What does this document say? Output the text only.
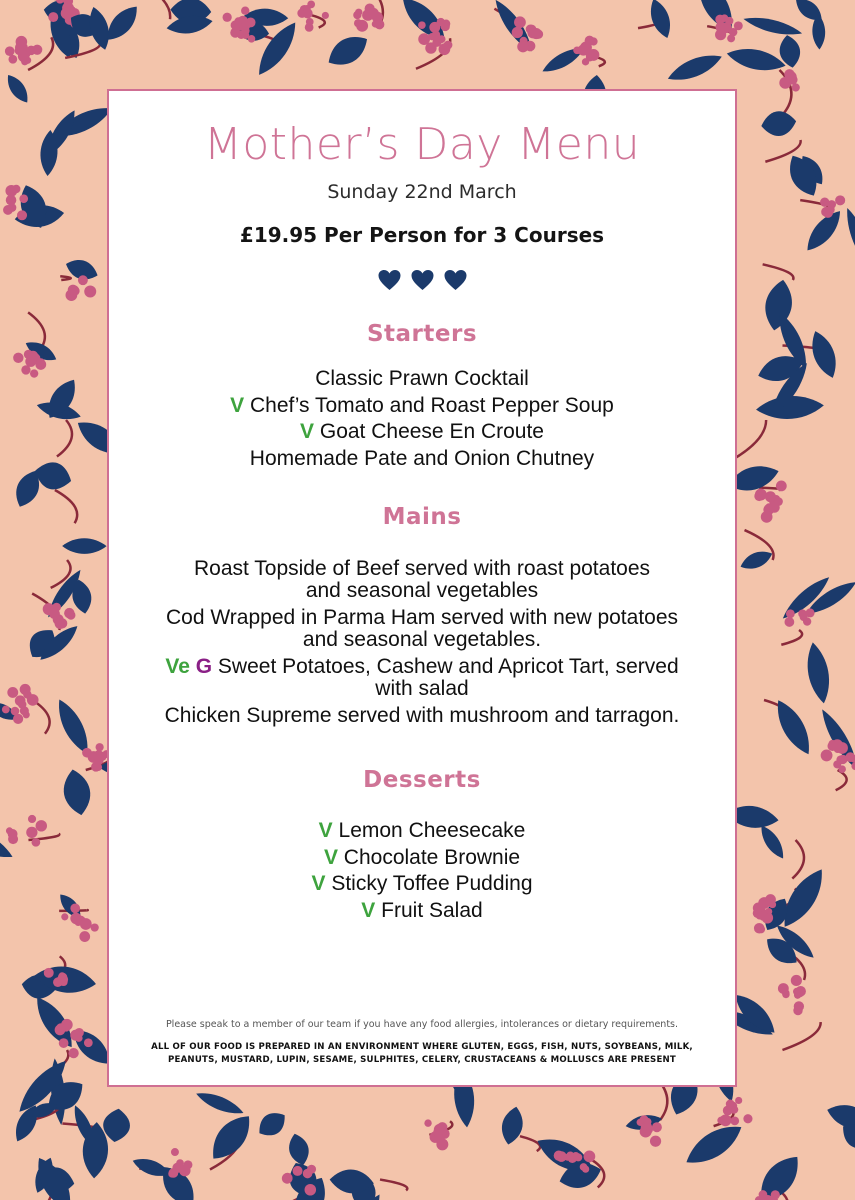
Mother’s Day Menu
Sunday 22nd March
£19.95 Per Person for 3 Courses
Starters
Classic Prawn Cocktail
V Chef’s Tomato and Roast Pepper Soup
V Goat Cheese En Croute
Homemade Pate and Onion Chutney
Mains
Roast Topside of Beef served with roast potatoes
and seasonal vegetables
Cod Wrapped in Parma Ham served with new potatoes
and seasonal vegetables.
Ve G Sweet Potatoes, Cashew and Apricot Tart, served
with salad
Chicken Supreme served with mushroom and tarragon.
Desserts
V Lemon Cheesecake
V Chocolate Brownie
V Sticky Toffee Pudding
V Fruit Salad
Please speak to a member of our team if you have any food allergies, intolerances or dietary requirements.
ALL OF OUR FOOD IS PREPARED IN AN ENVIRONMENT WHERE GLUTEN, EGGS, FISH, NUTS, SOYBEANS, MILK,
PEANUTS, MUSTARD, LUPIN, SESAME, SULPHITES, CELERY, CRUSTACEANS & MOLLUSCS ARE PRESENT
